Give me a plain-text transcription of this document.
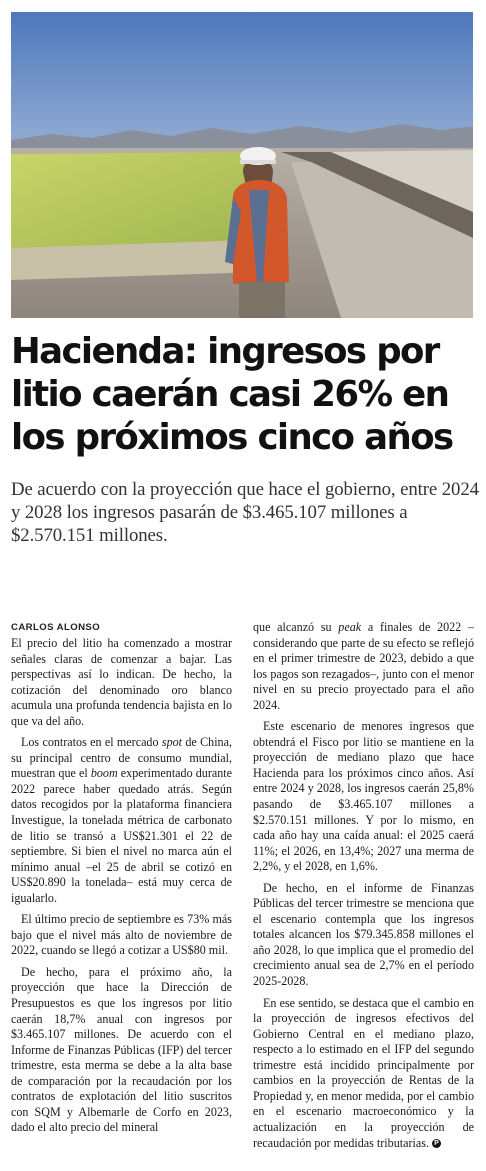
Hacienda: ingresos por litio caerán casi 26% en los próximos cinco años

De acuerdo con la proyección que hace el gobierno, entre 2024 y 2028 los ingresos pasarán de $3.465.107 millones a $2.570.151 millones.

CARLOS ALONSO

El precio del litio ha comenzado a mostrar señales claras de comenzar a bajar. Las perspectivas así lo indican. De hecho, la cotización del denominado oro blanco acumula una profunda tendencia bajista en lo que va del año.

Los contratos en el mercado spot de China, su principal centro de consumo mundial, muestran que el boom experimentado durante 2022 parece haber quedado atrás. Según datos recogidos por la plataforma financiera Investigue, la tonelada métrica de carbonato de litio se transó a US$21.301 el 22 de septiembre. Si bien el nivel no marca aún el mínimo anual –el 25 de abril se cotizó en US$20.890 la tonelada– está muy cerca de igualarlo.

El último precio de septiembre es 73% más bajo que el nivel más alto de noviembre de 2022, cuando se llegó a cotizar a US$80 mil.

De hecho, para el próximo año, la proyección que hace la Dirección de Presupuestos es que los ingresos por litio caerán 18,7% anual con ingresos por $3.465.107 millones. De acuerdo con el Informe de Finanzas Públicas (IFP) del tercer trimestre, esta merma se debe a la alta base de comparación por la recaudación por los contratos de explotación del litio suscritos con SQM y Albemarle de Corfo en 2023, dado el alto precio del mineral

que alcanzó su peak a finales de 2022 –considerando que parte de su efecto se reflejó en el primer trimestre de 2023, debido a que los pagos son rezagados–, junto con el menor nivel en su precio proyectado para el año 2024.

Este escenario de menores ingresos que obtendrá el Fisco por litio se mantiene en la proyección de mediano plazo que hace Hacienda para los próximos cinco años. Así entre 2024 y 2028, los ingresos caerán 25,8% pasando de $3.465.107 millones a $2.570.151 millones. Y por lo mismo, en cada año hay una caída anual: el 2025 caerá 11%; el 2026, en 13,4%; 2027 una merma de 2,2%, y el 2028, en 1,6%.

De hecho, en el informe de Finanzas Públicas del tercer trimestre se menciona que el escenario contempla que los ingresos totales alcancen los $79.345.858 millones el año 2028, lo que implica que el promedio del crecimiento anual sea de 2,7% en el período 2025-2028.

En ese sentido, se destaca que el cambio en la proyección de ingresos efectivos del Gobierno Central en el mediano plazo, respecto a lo estimado en el IFP del segundo trimestre está incidido principalmente por cambios en la proyección de Rentas de la Propiedad y, en menor medida, por el cambio en el escenario macroeconómico y la actualización en la proyección de recaudación por medidas tributarias. P
